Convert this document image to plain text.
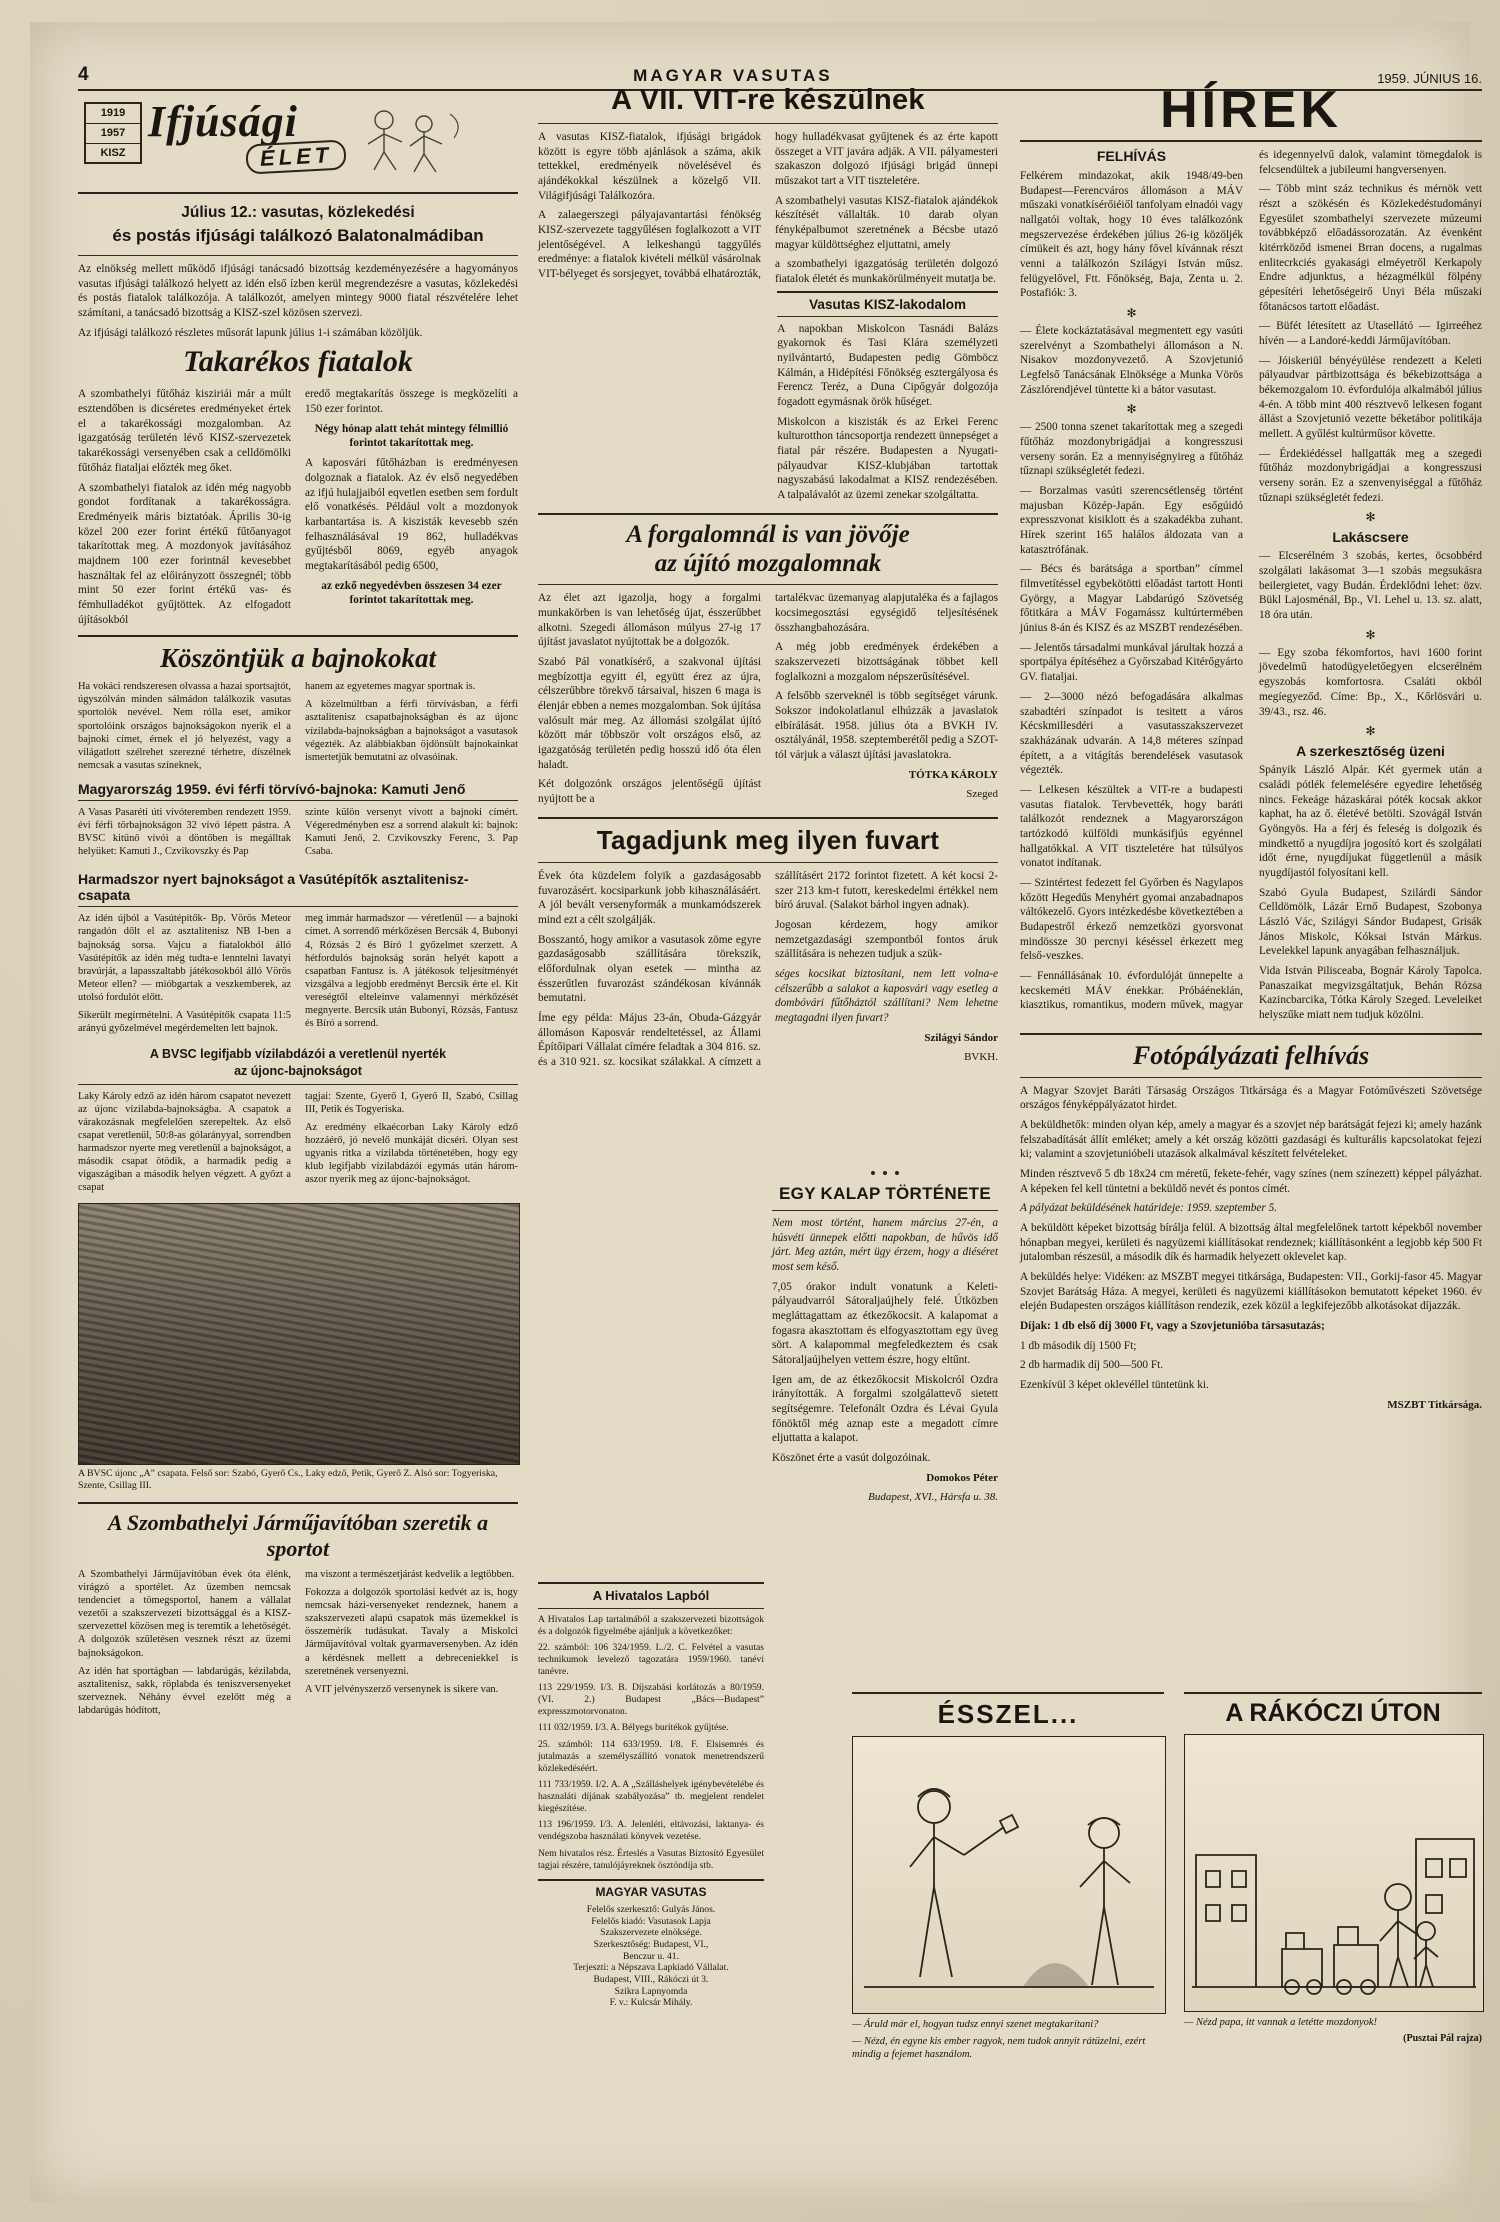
4	MAGYAR VASUTAS	1959. JÚNIUS 16.
1919
1957
KISZ
Ifjúsági
ÉLET
Július 12.: vasutas, közlekedési
és postás ifjúsági találkozó Balatonalmádiban

Az elnökség mellett működő ifjúsági tanácsadó bizottság kezdeményezésére a hagyományos vasutas ifjúsági találkozó helyett az idén első ízben kerül megrendezésre a vasutas, közlekedési és postás fiatalok találkozója. A találkozót, amelyen mintegy 9000 fiatal részvételére lehet számítani, a tanácsadó bizottság a KISZ-szel közösen szervezi.

Az ifjúsági találkozó részletes műsorát lapunk július 1-i számában közöljük.

Takarékos fiatalok

A szombathelyi fűtőház kisziriái már a múlt esztendőben is dicséretes eredményeket értek el a takarékossági mozgalomban. Az igazgatóság területén lévő KISZ-szervezetek takarékossági versenyében csak a celldömölki fűtőház fiataljai előzték meg őket.

A szombathelyi fiatalok az idén még nagyobb gondot fordítanak a takarékosságra. Eredményeik máris biztatóak. Április 30-ig közel 200 ezer forint értékű fűtőanyagot takarítottak meg. A mozdonyok javításához majdnem 100 ezer forintnál kevesebbet használtak fel az előirányzott összegnél; több mint 50 ezer forint értékű vas- és fémhulladékot gyűjtöttek. Az elfogadott újításokból

eredő megtakarítás összege is megközelíti a 150 ezer forintot.

Négy hónap alatt tehát mintegy félmillió forintot takarítottak meg.

A kaposvári fűtőházban is eredményesen dolgoznak a fiatalok. Az év első negyedében az ifjú hulajjaiból eqvetlen esetben sem fordult elő vonatkésés. Például volt a mozdonyok karbantartása is. A kiszisták kevesebb szén felhasználásával 19 862, hulladékvas gyűjtésből 8069, egyéb anyagok megtakarításából pedig 6500,

az ezkő negyedévben összesen 34 ezer forintot takarítottak meg.

Köszöntjük a bajnokokat

Ha vokáci rendszeresen olvassa a hazai sportsajtót, úgyszólván minden sálmádon találkozik vasutas sportolók nevével. Nem rólla eset, amikor sportolóink országos bajnokságokon nyerik el a bajnoki címet, érnek el jó helyezést, vagy a világatlott szélrehet szerezné térhetre, díszélnek nemcsak a vasutas színeknek,

hanem az egyetemes magyar sportnak is.

A közelmúltban a férfi törvívásban, a férfi asztalitenisz csapatbajnokságban és az újonc vízilabda-bajnokságban a bajnokságot a vasutasok végezték. Az alábbiakban öjdönsült bajnokainkat ismertetjük bemutatni az olvasóinak.

Magyarország 1959. évi férfi törvívó-bajnoka: Kamuti Jenő

A Vasas Pasaréti úti vívóteremben rendezett 1959. évi férfi törbajnokságon 32 vívó lépett pástra. A BVSC kitűnő vívói a döntőben is megálltak helyüket: Kamuti J., Czvikovszky és Pap

szinte külön versenyt vívott a bajnoki címért. Végeredményben esz a sorrend alakult ki: bajnok: Kamuti Jenő, 2. Czvikovszky Ferenc, 3. Pap Csaba.

Harmadszor nyert bajnokságot a Vasútépítők asztalitenisz-csapata

Az idén újból a Vasútépítők- Bp. Vörös Meteor rangadón dőlt el az asztalitenisz NB I-ben a bajnokság sorsa. Vajcu a fiatalokból álló Vasútépítők az idén még tudta-e lenntelni lavatyi bravúrját, a lapasszaltabb játékosokból álló Vörös Meteor ellen? — mióbgartak a veszkemberek, az utolsó fordulót előtt.

Sikerült megírmételni. A Vasútépítők csapata 11:5 arányú győzelmével megérdemelten lett bajnok.

meg immár harmadszor — véretlenül — a bajnoki címet. A sorrendő mérkőzésen Bercsák 4, Bubonyi 4, Rózsás 2 és Bíró 1 győzelmet szerzett. A hétfordulós bajnokság során helyét kapott a csapatban Fantusz is. A játékosok teljesítményét vizsgálva a legjobb eredményt Bercsik érte el. Kit vereségtől elteleinve valamennyi mérkőzését megnyerte. Bercsik után Bubonyi, Rózsás, Fantusz és Bíró a sorrend.

A BVSC legifjabb vízilabdázói a veretlenül nyerték
az újonc-bajnokságot

Laky Károly edző az idén három csapatot nevezett az újonc vízilabda-bajnokságba. A csapatok a várakozásnak megfelelően szerepeltek. Az első csapat veretlenül, 50:8-as gólarányyal, sorrendben harmadszor nyerte meg veretlenül a bajnokságot, a második csapat ötödik, a harmadik pedig a vigaszágiban a második helyen végzett. A győzt a csapat

tagjai: Szente, Gyerő I, Gyerő II, Szabó, Csillag III, Petik és Togyeriska.

Az eredmény elkaécorban Laky Károly edző hozzáérő, jó nevelő munkáját dicséri. Olyan sest ugyanis ritka a vízilabda történetében, hogy egy klub legifjabb vízilabdázói egymás után három-aszor nyerik meg az újonc-bajnokságot.

A BVSC újonc „A” csapata. Felső sor: Szabó, Gyerő Cs., Laky edző, Petik, Gyerő Z. Alsó sor: Togyeriska, Szente, Csillag III.
A Szombathelyi Járműjavítóban szeretik a sportot

A Szombathelyi Járműjavítóban évek óta élénk, virágzó a sportélet. Az üzemben nemcsak tendenciet a tömegsportol, hanem a vállalat vezetői a szakszervezeti bizottsággal és a KISZ-szervezettel közösen meg is teremtik a lehetőségét. A dolgozók születésen vesznek részt az üzemi bajnokságokon.

Az idén hat sportágban — labdarúgás, kézilabda, asztalitenisz, sakk, röplabda és teniszversenyeket szerveznek. Néhány évvel ezelőtt még a labdarúgás hódított,

ma viszont a természetjárást kedvelik a legtöbben.

Fokozza a dolgozók sportolási kedvét az is, hogy nemcsak házi-versenyeket rendeznek, hanem a szakszervezeti alapú csapatok más üzemekkel is összemérik tudásukat. Tavaly a Miskolci Járműjavítóval voltak gyarmaversenyben. Az idén a kérdésnek mellett a debreceniekkel is szeretnének versenyezni.

A VIT jelvényszerző versenynek is sikere van.

A VII. VIT-re készülnek

A vasutas KISZ-fiatalok, ifjúsági brigádok között is egyre több ajánlások a száma, akik tettekkel, eredményeik növelésével és ajándékokkal készülnek a közelgő VII. Világifjúsági Találkozóra.

A zalaegerszegi pályajavantartási fénökség KISZ-szervezete taggyűlésen foglalkozott a VIT jelentőségével. A lelkeshangú taggyűlés eredménye: a fiatalok kivételi mélkül vásárolnak VIT-bélyeget és sorsjegyet, továbbá elhatározták, hogy hulladékvasat gyűjtenek és az érte kapott összeget a VIT javára adják. A VII. pályamesteri szakaszon dolgozó ifjúsági brigád ünnepi műszakot tart a VIT tiszteletére.

A szombathelyi vasutas KISZ-fiatalok ajándékok készítését vállalták. 10 darab olyan fényképalbumot szeretnének a Bécsbe utazó magyar küldöttséghez eljuttatni, amely

a szombathelyi igazgatóság területén dolgozó fiatalok életét és munkakörülményeit mutatja be.

Vasutas KISZ-lakodalom

A napokban Miskolcon Tasnádi Balázs gyakornok és Tasi Klára személyzeti nyilvántartó, Budapesten pedig Gömböcz Kálmán, a Hidépítési Főnökség esztergályosa és Ferencz Teréz, a Duna Cipőgyár dolgozója fogadott egymásnak örök hűséget.

Miskolcon a kiszisták és az Erkei Ferenc kulturotthon táncsoportja rendezett ünnepséget a fiatal pár részére. Budapesten a Nyugati-pályaudvar KISZ-klubjában tartottak nagyszabású lakodalmat a KISZ rendezésében. A talpalávalót az üzemi zenekar szolgáltatta.

A forgalomnál is van jövője
az újító mozgalomnak

Az élet azt igazolja, hogy a forgalmi munkakörben is van lehetőség újat, ésszerűbbet alkotni. Szegedi állomáson múlyus 27-ig 17 újítást javaslatot nyújtottak be a dolgozók.

Szabó Pál vonatkísérő, a szakvonal újítási megbízottja egyitt él, együtt érez az újra, célszerűbbre törekvő társaival, hiszen 6 maga is élenjár ebben a nemes mozgalomban. Sok újítása valósult már meg. Az állomási szolgálat újító között már többször volt országos első, az igazgatóság területén pedig hosszú idő óta élen haladt.

Két dolgozónk országos jelentőségű újítást nyújtott be a

tartalékvac üzemanyag alapjutaléka és a fajlagos kocsimegosztási egységidő teljesítésének összhangbahozására.

A még jobb eredmények érdekében a szakszervezeti bizottságának többet kell foglalkozni a mozgalom népszerűsítésével.

A felsőbb szerveknél is több segítséget várunk. Sokszor indokolatlanul elhúzzák a javaslatok elbírálását. 1958. július óta a BVKH IV. osztályánál, 1958. szeptemberétől pedig a SZOT-tól várjuk a választ újítási javaslatokra.

TÓTKA KÁROLY

Szeged

Tagadjunk meg ilyen fuvart

Évek óta küzdelem folyik a gazdaságosabb fuvarozásért. kocsiparkunk jobb kihasználásáért. A jól bevált versenyformák a munkamódszerek mind ezt a célt szolgálják.

Bosszantó, hogy amikor a vasutasok zöme egyre gazdaságosabb szállítására törekszik, előfordulnak olyan esetek — mintha az ésszerűtlen fuvarozást szándékosan kívánnák bemutatni.

Íme egy példa: Május 23-án, Obuda-Gázgyár állomáson Kaposvár rendeltetéssel, az Állami Építőipari Vállalat címére feladtak a 304 816. sz. és a 310 921. sz. kocsikat szálakkal. A címzett a szállításért 2172 forintot fizetett. A két kocsi 2-szer 213 km-t futott, kereskedelmi értékkel nem bíró áruval. (Salakot bárhol ingyen adnak).

Jogosan kérdezem, hogy amikor nemzetgazdasági szempontból fontos áruk szállítására is nehezen tudjuk a szük-

séges kocsikat biztosítani, nem lett volna-e célszerűbb a salakot a kaposvári vagy esetleg a dombóvári fűtőháztól szállítani? Nem lehetne megtagadni ilyen fuvart?

Szilágyi Sándor

BVKH.

EGY KALAP TÖRTÉNETE

Nem most történt, hanem március 27-én, a húsvéti ünnepek előtti napokban, de hűvös idő járt. Meg aztán, mért ügy érzem, hogy a diéséret most sem késő.

7,05 órakor indult vonatunk a Keleti-pályaudvarról Sátoraljaújhely felé. Útközben megláttagattam az étkezőkocsit. A kalapomat a fogasra akasztottam és elfogyasztottam egy üveg sört. A kalapommal megfeledkeztem és csak Sátoraljaújhelyen vettem észre, hogy eltűnt.

Igen am, de az étkezőkocsit Miskolcról Ozdra irányították. A forgalmi szolgálattevő sietett segítségemre. Telefonált Ozdra és Lévai Gyula főnöktől még aznap este a megadott címre eljuttatta a kalapot.

Köszönet érte a vasút dolgozóinak.

Domokos Péter

Budapest, XVI., Hársfa u. 38.

A Hivatalos Lapból

A Hivatalos Lap tartalmából a szakszervezeti bizottságok és a dolgozók figyelmébe ajánljuk a következőket:

22. számból: 106 324/1959. L./2. C. Felvétel a vasutas technikumok levelező tagozatára 1959/1960. tanévi tanévre.

113 229/1959. I/3. B. Díjszabási korlátozás a 80/1959. (VI. 2.) Budapest „Bács—Budapest” expresszmotorvonaton.

111 032/1959. I/3. A. Bélyegs burítékok gyűjtése.

25. számból: 114 633/1959. I/8. F. Elsisemrés és jutalmazás a személyszállító vonatok menetrendszerű közlekedéséért.

111 733/1959. I/2. A. A „Szálláshelyek igénybevételébe és hasznaláti díjának szabályozása” tb. megjelent rendelet kiegészítése.

113 196/1959. I/3. A. Jelenléti, eltávozási, laktanya- és vendégszoba használati könyvek vezetése.

Nem hivatalos rész. Érteslés a Vasutas Biztosító Egyesület tagjai részére, tanulójáyreknek ösztöndíja stb.

MAGYAR VASUTAS
Felelős szerkesztő: Gulyás János.
Felelős kiadó: Vasutasok Lapja
Szakszervezete elnöksége.
Szerkesztőség: Budapest, VI.,
Benczur u. 41.
Terjeszti: a Népszava Lapkiadó Vállalat.
Budapest, VIII., Rákóczi út 3.
Szikra Lapnyomda
F. v.: Kulcsár Mihály.
HÍREK
FELHÍVÁS

Felkérem mindazokat, akik 1948/49-ben Budapest—Ferencváros állomáson a MÁV műszaki vonatkísérőiéiől tanfolyam elnadói vagy nallgatói voltak, hogy 10 éves találkozónk megszervezése érdekében július 26-ig közöljék címükeit és azt, hogy hány fővel kívánnak részt venni a találkozón Szilágyi István műsz. felügyelővel, Ftt. Főnökség, Baja, Zenta u. 2. Postafiók: 3.

✻

— Élete kockáztatásával megmentett egy vasúti szerelvényt a Szombathelyi állomáson a N. Nisakov mozdonyvezető. A Szovjetunió Legfelső Tanácsának Elnöksége a Munka Vörös Zászlórendjével tüntette ki a bátor vasutast.

✻

— 2500 tonna szenet takarítottak meg a szegedi fűtőház mozdonybrigádjai a kongresszusi verseny során. Ez a mennyiségnyireg a fűtőház tűznapi szükségletét fedezi.

— Borzalmas vasúti szerencsétlenség történt majusban Közép-Japán. Egy esőgúidó expresszvonat kisiklott és a szakadékba zuhant. Hírek szerint 165 halálos áldozata van a katasztrófának.

— Bécs és barátsága a sportban” címmel filmvetítéssel egybekötötti előadást tartott Honti György, a Magyar Labdarúgó Szövetség főtitkára a MÁV Fogamássz kultúrtermében június 8-án és KISZ és az MSZBT rendezésében.

— Jelentős társadalmi munkával járultak hozzá a sportpálya építéséhez a Győrszabad Kitérőgyárto GV. fiataljai.

— 2—3000 nézó befogadására alkalmas szabadtéri színpadot is tesitett a város Kécskmillesdéri a vasutasszakszervezet szakházának udvarán. A 14,8 méteres színpad épített, a a vitágítás berendelések vasutasok végezték.

— Lelkesen készültek a VIT-re a budapesti vasutas fiatalok. Tervbevették, hogy baráti találkozót rendeznek a Magyarországon tartózkodó külföldi munkásifjús egyénnel hallgatókkal. A VIT tiszteletére hat túlsúlyos vonatot indítanak.

— Szintértest fedezett fel Győrben és Nagylapos kőzött Hegedűs Menyhért gyomai anzabadnapos váltókezelő. Gyors intézkedésbe következtében a Budapestről érkező nemzetközi gyorsvonat mindössze 30 percnyi késéssel érkezett meg felső-veszkes.

— Fennállásának 10. évfordulóját ünnepelte a kecskeméti MÁV énekkar. Próbáéneklán, kiasztikus, romantikus, modern művek, magyar és idegennyelvű dalok, valamint tömegdalok is felcsendültek a jubileumi hangversenyen.

— Több mint száz technikus és mérnök vett részt a szökésén és Közlekedéstudományi Egyesület szombathelyi szervezete múzeumi továbbképző előadássorozatán. Az évenként kitérrköződ ismenei Brran docens, a rugalmas enlitecrkciés gyakasági elméyetről Kerkapoly Endre adjunktus, a hézagmélkül fölpény gépesítéri lehetőségeirő Unyi Béla műszaki főtanácsos tartott előadást.

— Büfét létesített az Utasellátó — Igirreéhez hívén — a Landoré-keddi Járműjavítóban.

— Jóiskeriül bényéyülése rendezett a Keleti pályaudvar pártbizottsága és békebizottsága a békemozgalom 10. évfordulója alkalmából július 4-én. A több mint 400 résztvevő lelkesen fogant állást a Szovjetunió vezette béketábor politikája mellett. A gyűlést kultúrműsor követte.

— Érdekiédéssel hallgatták meg a szegedi fűtőház mozdonybrigádjai a kongresszusi verseny során. Ez a szenvenyiséggal a fűtőház tűznapi szükségletét fedezi.

✻
Lakáscsere

— Elcserélném 3 szobás, kertes, öcsobbérd szolgálati lakásomat 3—1 szobás megsukásra beilergietet, vagy Budán. Érdeklődni lehet: özv. Bükl Lajosménál, Bp., VI. Lehel u. 13. sz. alatt, 18 óra után.

✻

— Egy szoba fékomfortos, havi 1600 forint jövedelmű hatodügyeletőegyen elcserélném egyszobás komfortosra. Csaláti okból megíegyeződ. Címe: Bp., X., Kőrlösvári u. 39/43., rsz. 46.

✻
A szerkesztőség üzeni

Spányik László Alpár. Két gyermek után a családi pótlék felemelésére egyedire lehetőség nincs. Fekeáge házaskárai póték kocsak akkor kaphat, ha az ő. életévé betölti. Szovágál István Gyöngyös. Ha a férj és feleség is dolgozik és mindkettő a nyugdíjra jogosító kort és szolgálati időt érne, nyugdíjukat függetlenül a másik nyugdíjastól folyosítani kell.

Szabó Gyula Budapest, Szilárdi Sándor Celldömölk, Lázár Ernő Budapest, Szobonya László Vác, Szilágyi Sándor Budapest, Grisák János Miskolc, Kóksai István Márkus. Levelekkel lapunk anyagában felhasználjuk.

Vida István Pilisceaba, Bognár Károly Tapolca. Panaszaikat megvizsgáltatjuk, Behán Rózsa Kazincbarcika, Tótka Károly Szeged. Leveleiket helyszűke miatt nem tudjuk közölni.

Fotópályázati felhívás

A Magyar Szovjet Baráti Társaság Országos Titkársága és a Magyar Fotóművészeti Szövetsége országos fényképpályázatot hirdet.

A beküldhetők: minden olyan kép, amely a magyar és a szovjet nép barátságát fejezi ki; amely hazánk felszabadítását állít emléket; amely a két ország közötti gazdasági és kulturális kapcsolatokat fejezi ki; valamint a szovjetunióbeli utazások alkalmával készített felvételeket.

Minden résztvevő 5 db 18x24 cm méretű, fekete-fehér, vagy színes (nem színezett) képpel pályázhat. A képeken fel kell tüntetni a beküldő nevét és pontos címét.

A pályázat beküldésének határideje: 1959. szeptember 5.

A beküldött képeket bizottság bírálja felül. A bizottság által megfelelőnek tartott képekből november hónapban megyei, kerületi és nagyüzemi kiállításokat rendeznek; kiállításonként a legjobb kép 500 Ft jutalomban részesül, a második dík és harmadik helyezett oklevelet kap.

A beküldés helye: Vidéken: az MSZBT megyei titkársága, Budapesten: VII., Gorkij-fasor 45. Magyar Szovjet Barátság Háza. A megyei, kerületi és nagyüzemi kiállításokon bemutatott képeket 1960. év elején Budapesten országos kiállításon rendezik, ezek közül a legkifejezőbb alkotásokat díjazzák.

Díjak: 1 db első díj 3000 Ft, vagy a Szovjetunióba társasutazás;

1 db második díj 1500 Ft;

2 db harmadik díj 500—500 Ft.

Ezenkívül 3 képet oklevéllel tüntetünk ki.

MSZBT Titkársága.

ÉSSZEL...
— Áruld már el, hogyan tudsz ennyi szenet megtakarítani?
— Nézd, én egyne kis ember ragyok, nem tudok annyit rátüzelni, ezért mindig a fejemet használom.
A RÁKÓCZI ÚTON
— Nézd papa, itt vannak a letétte mozdonyok!
(Pusztai Pál rajza)
